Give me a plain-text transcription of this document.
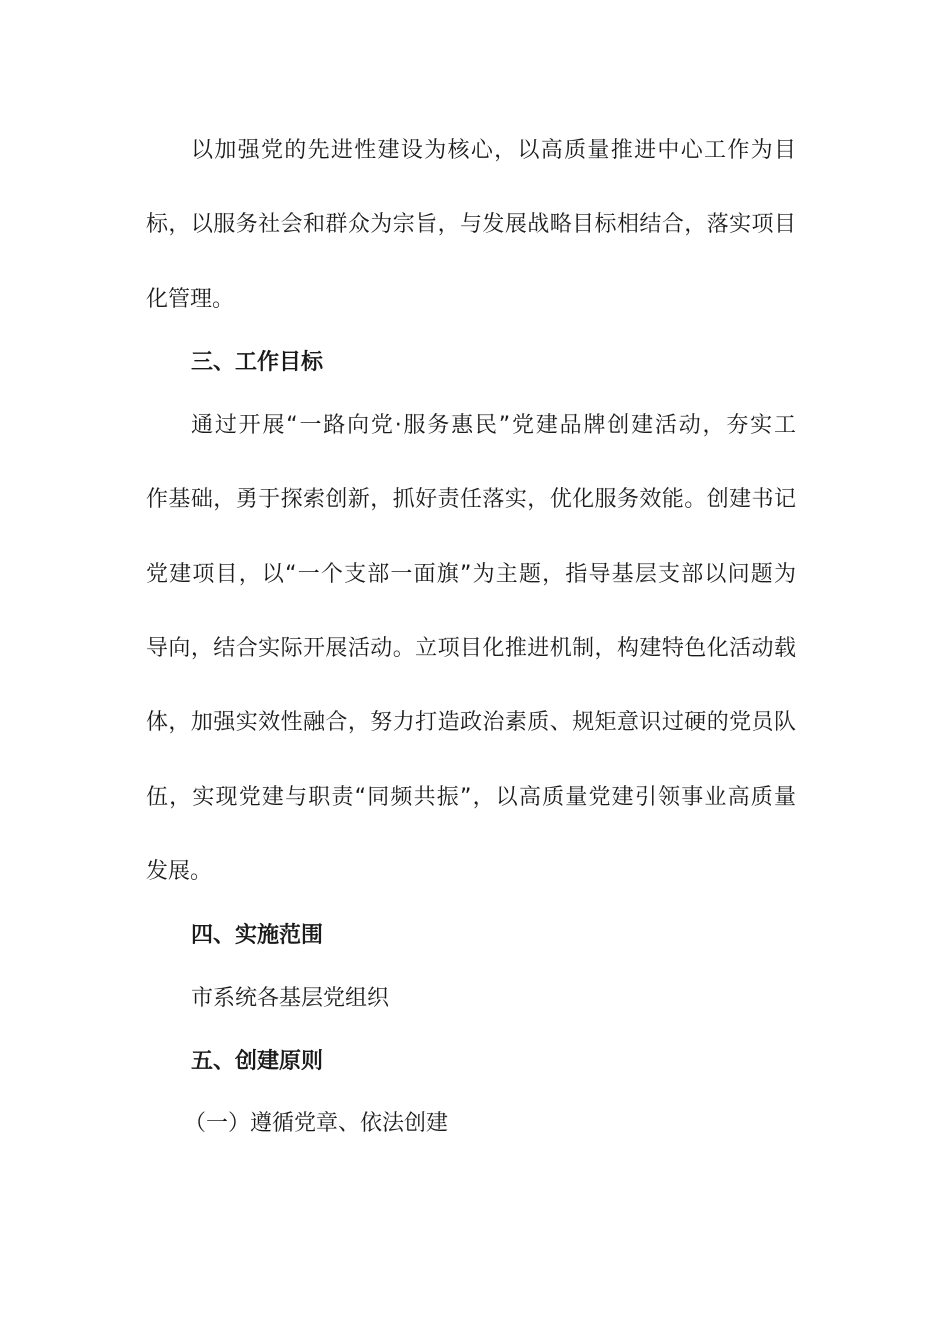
以加强党的先进性建设为核心，以高质量推进中心工作为目
标，以服务社会和群众为宗旨，与发展战略目标相结合，落实项目
化管理。
三、工作目标
通过开展“一路向党·服务惠民”党建品牌创建活动，夯实工
作基础，勇于探索创新，抓好责任落实，优化服务效能。创建书记
党建项目，以“一个支部一面旗”为主题，指导基层支部以问题为
导向，结合实际开展活动。立项目化推进机制，构建特色化活动载
体，加强实效性融合，努力打造政治素质、规矩意识过硬的党员队
伍，实现党建与职责“同频共振”，以高质量党建引领事业高质量
发展。
四、实施范围
市系统各基层党组织
五、创建原则
（一）遵循党章、依法创建
